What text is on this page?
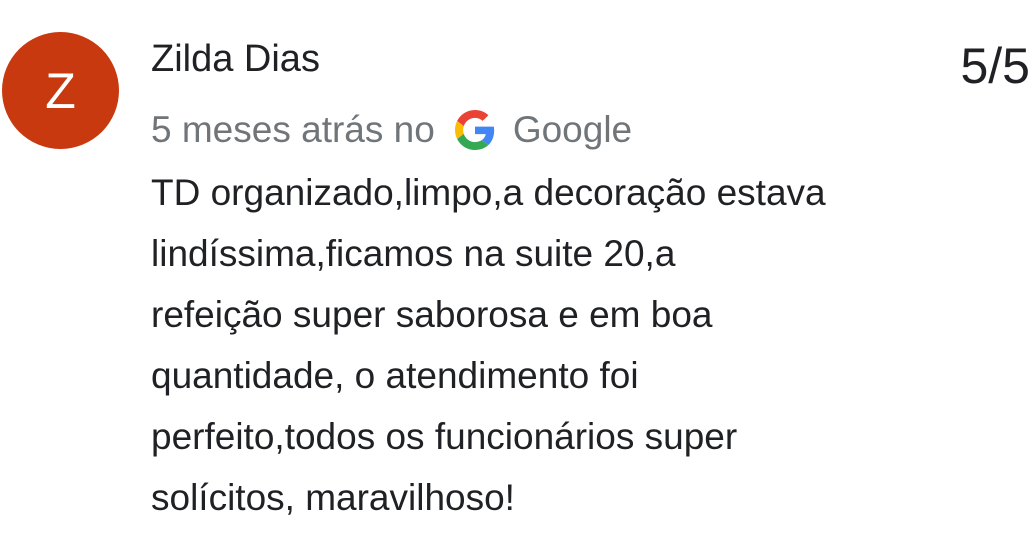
Z
Zilda Dias	5/5
5 meses atrás no Google

TD organizado,limpo,a decoração estava
lindíssima,ficamos na suite 20,a
refeição super saborosa e em boa
quantidade, o atendimento foi
perfeito,todos os funcionários super
solícitos, maravilhoso!
